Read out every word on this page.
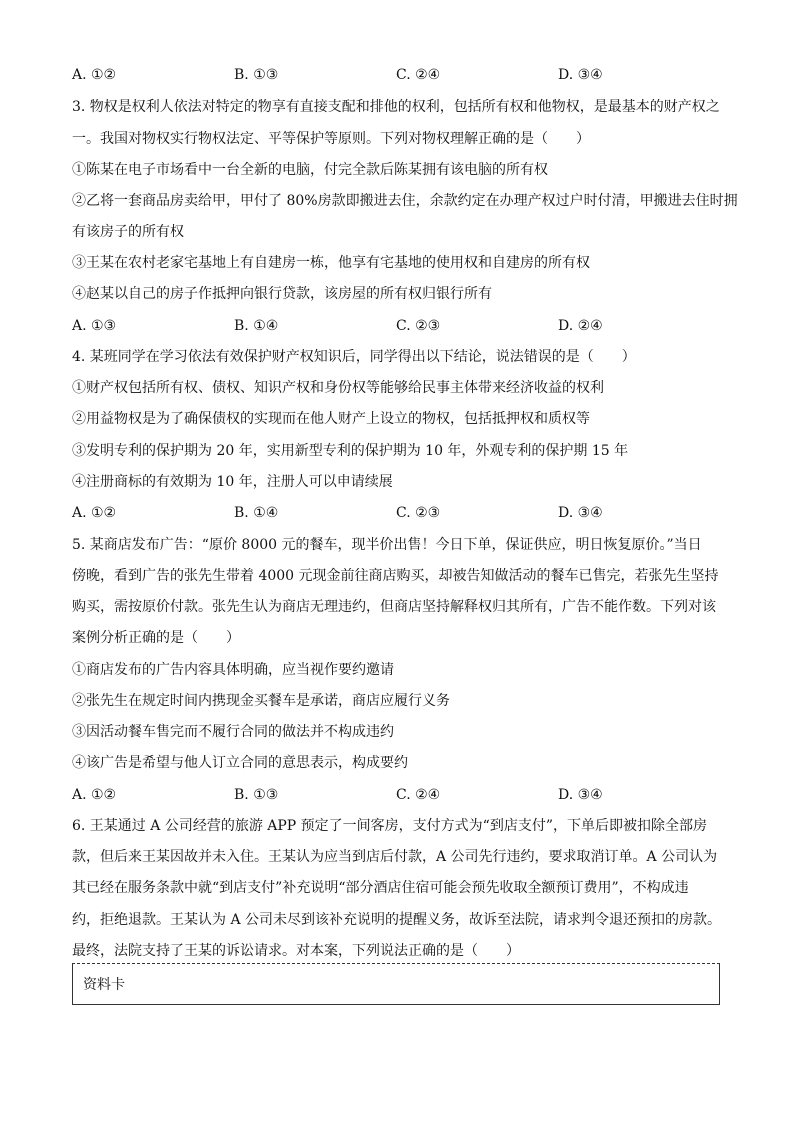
A. ①②	B. ①③	C. ②④	D. ③④
3. 物权是权利人依法对特定的物享有直接支配和排他的权利，包括所有权和他物权，是最基本的财产权之
一。我国对物权实行物权法定、平等保护等原则。下列对物权理解正确的是（　　）
①陈某在电子市场看中一台全新的电脑，付完全款后陈某拥有该电脑的所有权
②乙将一套商品房卖给甲，甲付了 80%房款即搬进去住，余款约定在办理产权过户时付清，甲搬进去住时拥
有该房子的所有权
③王某在农村老家宅基地上有自建房一栋，他享有宅基地的使用权和自建房的所有权
④赵某以自己的房子作抵押向银行贷款，该房屋的所有权归银行所有
A. ①③	B. ①④	C. ②③	D. ②④
4. 某班同学在学习依法有效保护财产权知识后，同学得出以下结论，说法错误的是（　　）
①财产权包括所有权、债权、知识产权和身份权等能够给民事主体带来经济收益的权利
②用益物权是为了确保债权的实现而在他人财产上设立的物权，包括抵押权和质权等
③发明专利的保护期为 20 年，实用新型专利的保护期为 10 年，外观专利的保护期 15 年
④注册商标的有效期为 10 年，注册人可以申请续展
A. ①②	B. ①④	C. ②③	D. ③④
5. 某商店发布广告：“原价 8000 元的餐车，现半价出售！今日下单，保证供应，明日恢复原价。”当日
傍晚，看到广告的张先生带着 4000 元现金前往商店购买，却被告知做活动的餐车已售完，若张先生坚持
购买，需按原价付款。张先生认为商店无理违约，但商店坚持解释权归其所有，广告不能作数。下列对该
案例分析正确的是（　　）
①商店发布的广告内容具体明确，应当视作要约邀请
②张先生在规定时间内携现金买餐车是承诺，商店应履行义务
③因活动餐车售完而不履行合同的做法并不构成违约
④该广告是希望与他人订立合同的意思表示，构成要约
A. ①②	B. ①③	C. ②④	D. ③④
6. 王某通过 A 公司经营的旅游 APP 预定了一间客房，支付方式为“到店支付”，下单后即被扣除全部房
款，但后来王某因故并未入住。王某认为应当到店后付款，A 公司先行违约，要求取消订单。A 公司认为
其已经在服务条款中就“到店支付”补充说明“部分酒店住宿可能会预先收取全额预订费用”，不构成违
约，拒绝退款。王某认为 A 公司未尽到该补充说明的提醒义务，故诉至法院，请求判令退还预扣的房款。
最终，法院支持了王某的诉讼请求。对本案，下列说法正确的是（　　）
资料卡
